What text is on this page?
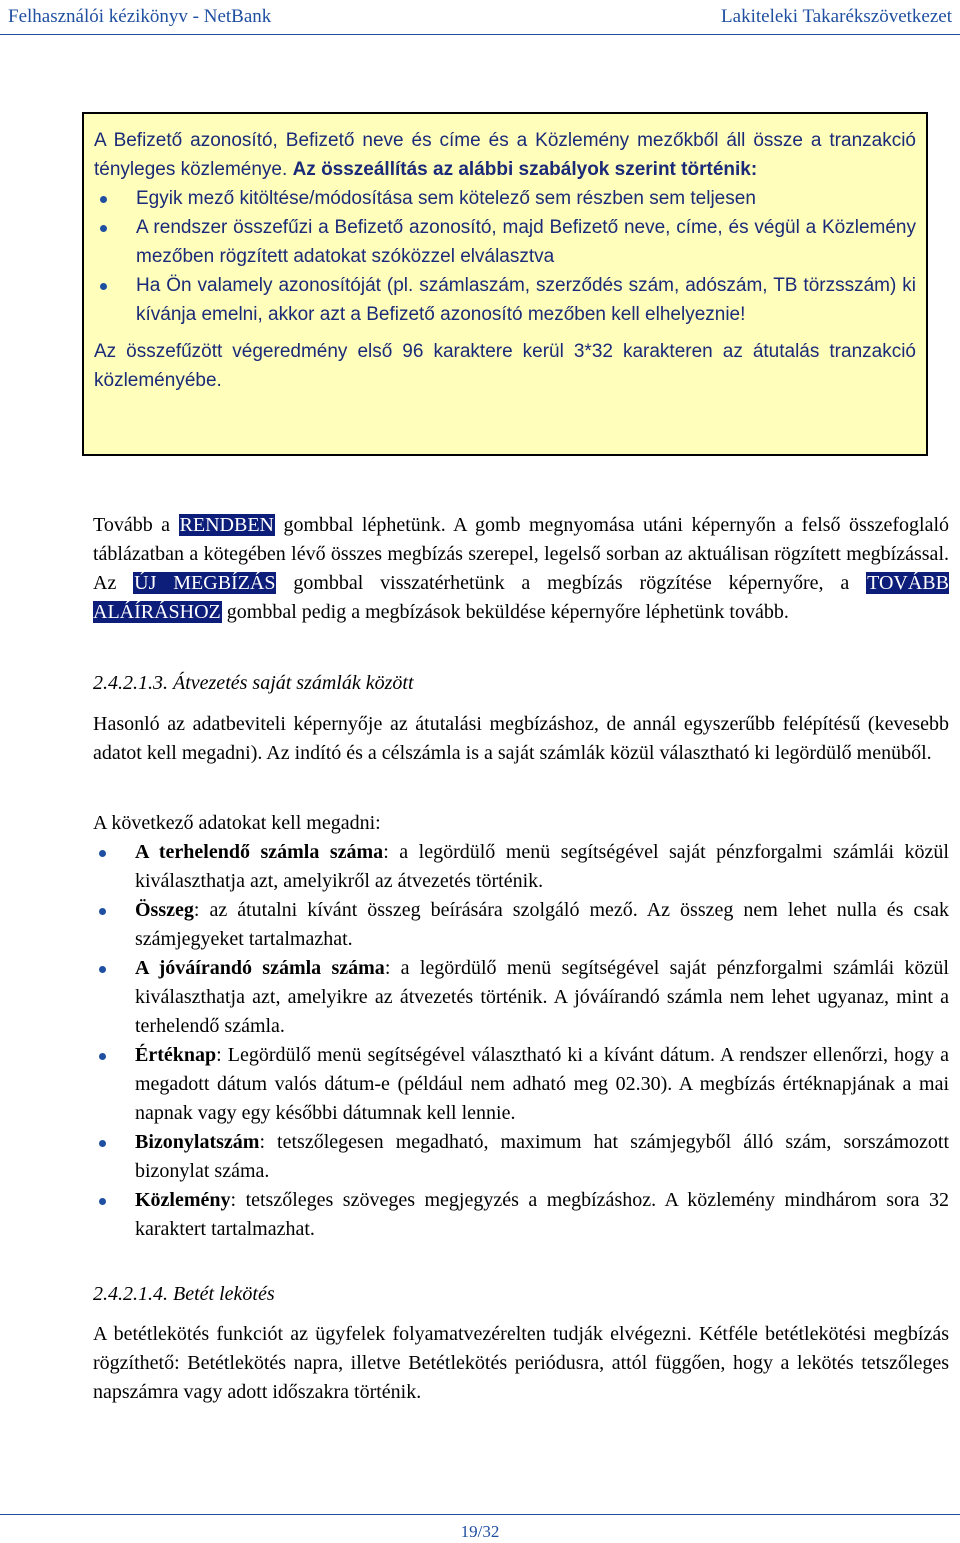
Felhasználói kézikönyv - NetBank	Lakiteleki Takarékszövetkezet

A Befizető azonosító, Befizető neve és címe és a Közlemény mezőkből áll össze a tranzakció tényleges közleménye. Az összeállítás az alábbi szabályok szerint történik:

Egyik mező kitöltése/módosítása sem kötelező sem részben sem teljesen
A rendszer összefűzi a Befizető azonosító, majd Befizető neve, címe, és végül a Közlemény mezőben rögzített adatokat szóközzel elválasztva
Ha Ön valamely azonosítóját (pl. számlaszám, szerződés szám, adószám, TB törzsszám) ki kívánja emelni, akkor azt a Befizető azonosító mezőben kell elhelyeznie!

Az összefűzött végeredmény első 96 karaktere kerül 3*32 karakteren az átutalás tranzakció közleményébe.

Tovább a RENDBEN gombbal léphetünk. A gomb megnyomása utáni képernyőn a felső összefoglaló táblázatban a kötegében lévő összes megbízás szerepel, legelső sorban az aktuálisan rögzített megbízással. Az ÚJ MEGBÍZÁS gombbal visszatérhetünk a megbízás rögzítése képernyőre, a TOVÁBB ALÁÍRÁSHOZ gombbal pedig a megbízások beküldése képernyőre léphetünk tovább.

2.4.2.1.3. Átvezetés saját számlák között

Hasonló az adatbeviteli képernyője az átutalási megbízáshoz, de annál egyszerűbb felépítésű (kevesebb adatot kell megadni). Az indító és a célszámla is a saját számlák közül választható ki legördülő menüből.

A következő adatokat kell megadni:

A terhelendő számla száma: a legördülő menü segítségével saját pénzforgalmi számlái közül kiválaszthatja azt, amelyikről az átvezetés történik.
Összeg: az átutalni kívánt összeg beírására szolgáló mező. Az összeg nem lehet nulla és csak számjegyeket tartalmazhat.
A jóváírandó számla száma: a legördülő menü segítségével saját pénzforgalmi számlái közül kiválaszthatja azt, amelyikre az átvezetés történik. A jóváírandó számla nem lehet ugyanaz, mint a terhelendő számla.
Értéknap: Legördülő menü segítségével választható ki a kívánt dátum. A rendszer ellenőrzi, hogy a megadott dátum valós dátum-e (például nem adható meg 02.30). A megbízás értéknapjának a mai napnak vagy egy későbbi dátumnak kell lennie.
Bizonylatszám: tetszőlegesen megadható, maximum hat számjegyből álló szám, sorszámozott bizonylat száma.
Közlemény: tetszőleges szöveges megjegyzés a megbízáshoz. A közlemény mindhárom sora 32 karaktert tartalmazhat.

2.4.2.1.4. Betét lekötés

A betétlekötés funkciót az ügyfelek folyamatvezérelten tudják elvégezni. Kétféle betétlekötési megbízás rögzíthető: Betétlekötés napra, illetve Betétlekötés periódusra, attól függően, hogy a lekötés tetszőleges napszámra vagy adott időszakra történik.

19/32
